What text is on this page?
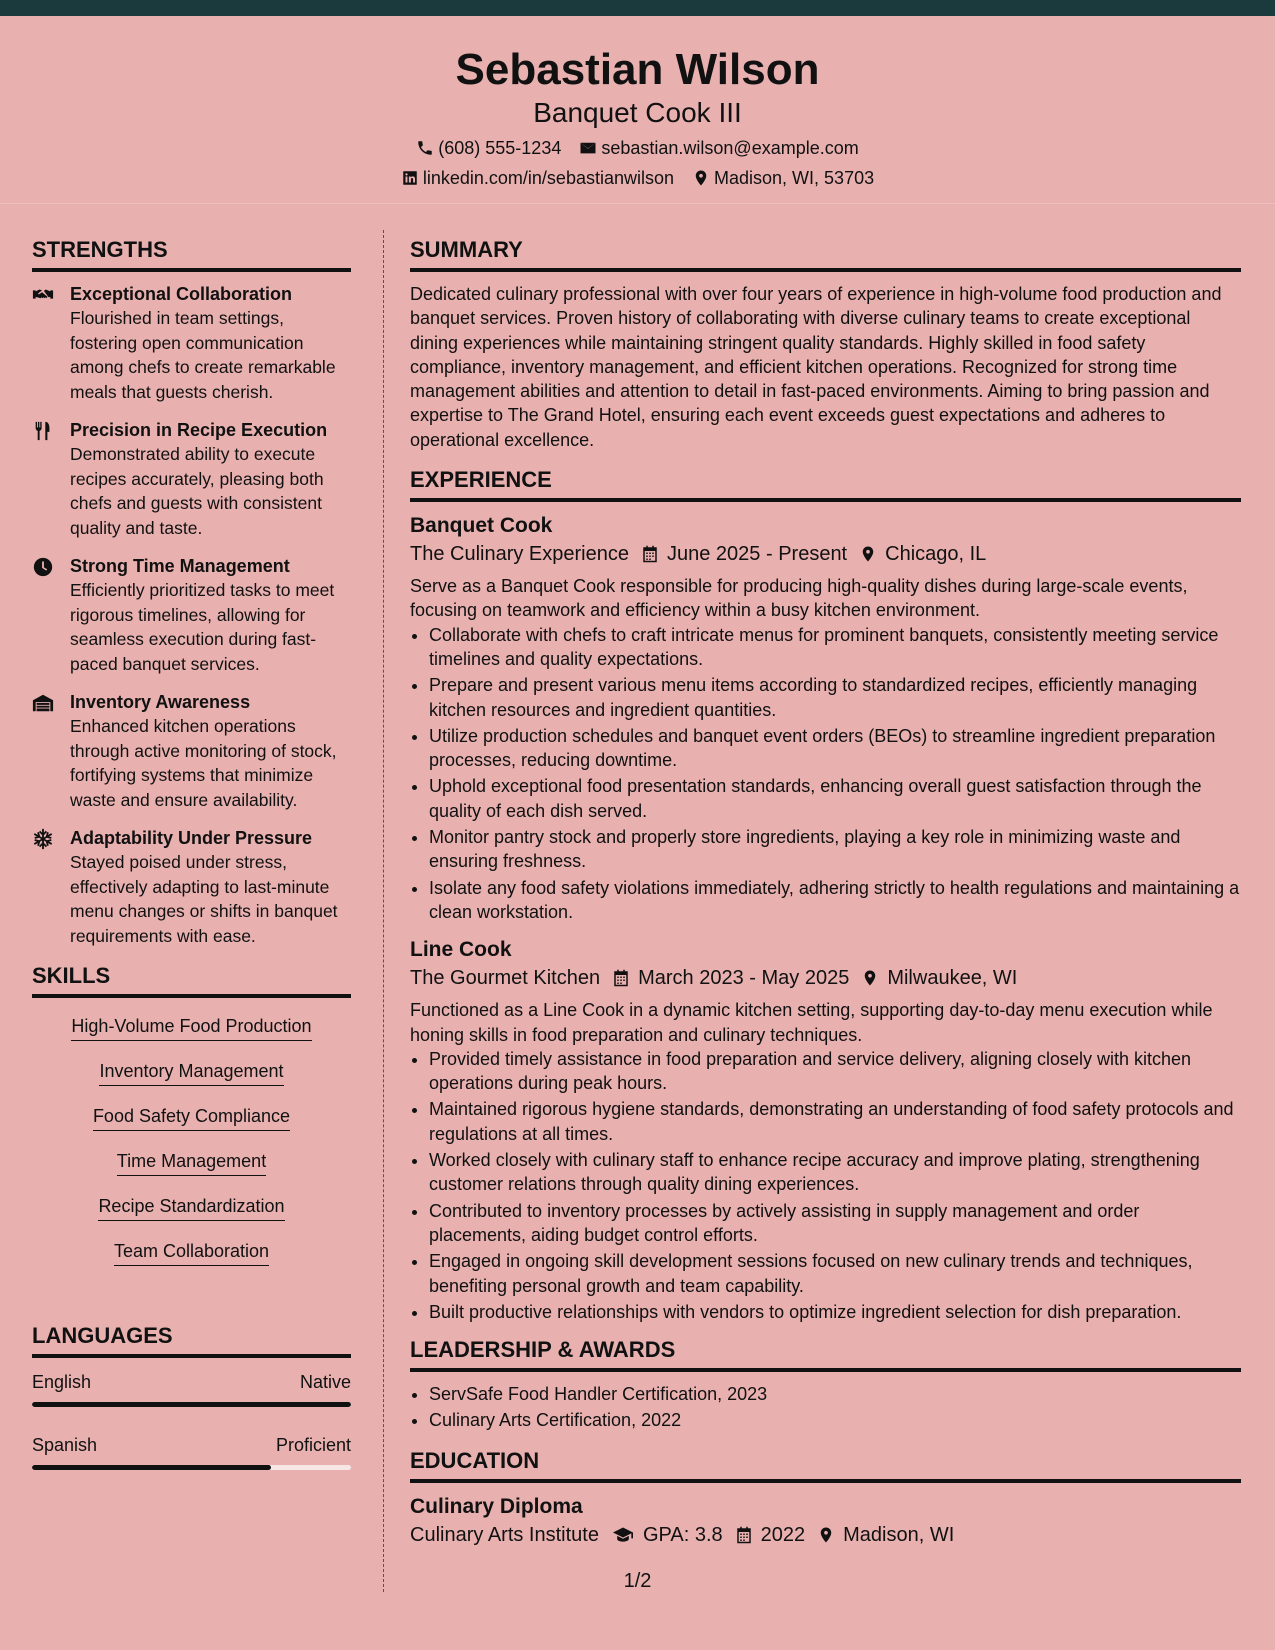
Sebastian Wilson
Banquet Cook III
(608) 555-1234 sebastian.wilson@example.com
linkedin.com/in/sebastianwilson Madison, WI, 53703
STRENGTHS
Exceptional Collaboration
Flourished in team settings, fostering open communication among chefs to create remarkable meals that guests cherish.
Precision in Recipe Execution
Demonstrated ability to execute recipes accurately, pleasing both chefs and guests with consistent quality and taste.
Strong Time Management
Efficiently prioritized tasks to meet rigorous timelines, allowing for seamless execution during fast-paced banquet services.
Inventory Awareness
Enhanced kitchen operations through active monitoring of stock, fortifying systems that minimize waste and ensure availability.
Adaptability Under Pressure
Stayed poised under stress, effectively adapting to last-minute menu changes or shifts in banquet requirements with ease.
SKILLS
High-Volume Food Production
Inventory Management
Food Safety Compliance
Time Management
Recipe Standardization
Team Collaboration
LANGUAGES
English	Native
Spanish	Proficient
SUMMARY
Dedicated culinary professional with over four years of experience in high-volume food production and banquet services. Proven history of collaborating with diverse culinary teams to create exceptional dining experiences while maintaining stringent quality standards. Highly skilled in food safety compliance, inventory management, and efficient kitchen operations. Recognized for strong time management abilities and attention to detail in fast-paced environments. Aiming to bring passion and expertise to The Grand Hotel, ensuring each event exceeds guest expectations and adheres to operational excellence.
EXPERIENCE
Banquet Cook
The Culinary Experience June 2025 - Present Chicago, IL
Serve as a Banquet Cook responsible for producing high-quality dishes during large-scale events, focusing on teamwork and efficiency within a busy kitchen environment.
• Collaborate with chefs to craft intricate menus for prominent banquets, consistently meeting service timelines and quality expectations.
• Prepare and present various menu items according to standardized recipes, efficiently managing kitchen resources and ingredient quantities.
• Utilize production schedules and banquet event orders (BEOs) to streamline ingredient preparation processes, reducing downtime.
• Uphold exceptional food presentation standards, enhancing overall guest satisfaction through the quality of each dish served.
• Monitor pantry stock and properly store ingredients, playing a key role in minimizing waste and ensuring freshness.
• Isolate any food safety violations immediately, adhering strictly to health regulations and maintaining a clean workstation.
Line Cook
The Gourmet Kitchen March 2023 - May 2025 Milwaukee, WI
Functioned as a Line Cook in a dynamic kitchen setting, supporting day-to-day menu execution while honing skills in food preparation and culinary techniques.
• Provided timely assistance in food preparation and service delivery, aligning closely with kitchen operations during peak hours.
• Maintained rigorous hygiene standards, demonstrating an understanding of food safety protocols and regulations at all times.
• Worked closely with culinary staff to enhance recipe accuracy and improve plating, strengthening customer relations through quality dining experiences.
• Contributed to inventory processes by actively assisting in supply management and order placements, aiding budget control efforts.
• Engaged in ongoing skill development sessions focused on new culinary trends and techniques, benefiting personal growth and team capability.
• Built productive relationships with vendors to optimize ingredient selection for dish preparation.
LEADERSHIP & AWARDS
• ServSafe Food Handler Certification, 2023
• Culinary Arts Certification, 2022
EDUCATION
Culinary Diploma
Culinary Arts Institute GPA: 3.8 2022 Madison, WI
1/2
